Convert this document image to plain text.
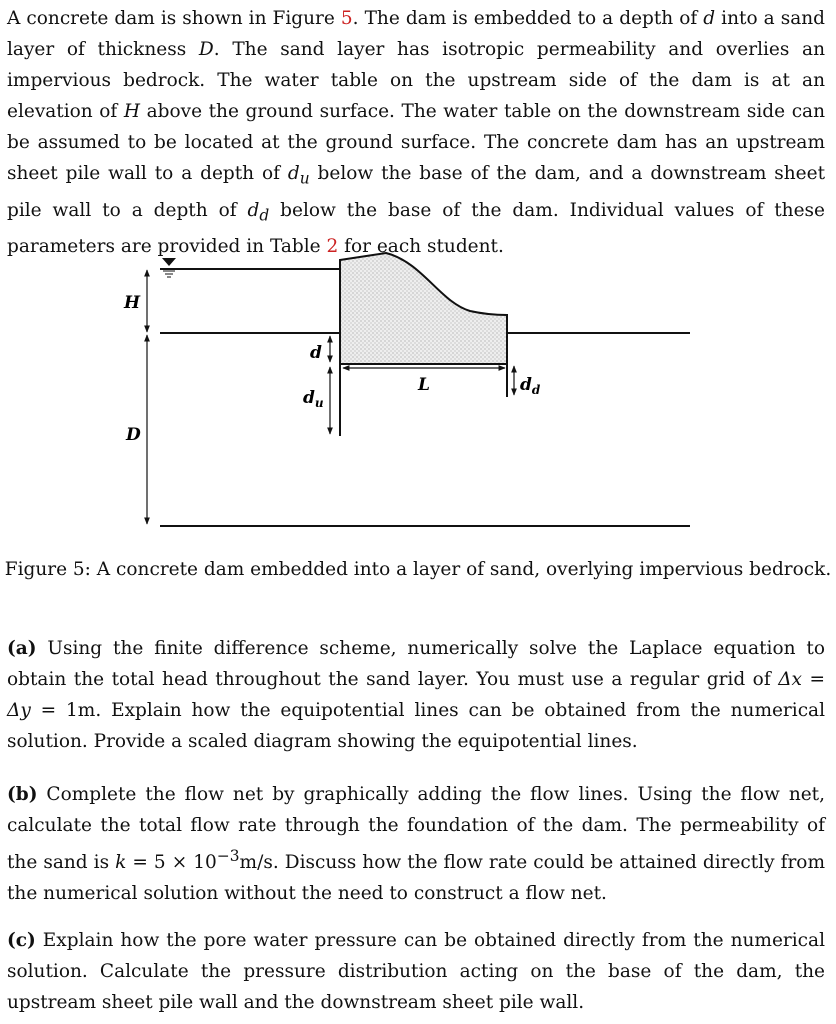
A concrete dam is shown in Figure 5. The dam is embedded to a depth of d into a sand layer of thickness D. The sand layer has isotropic permeability and overlies an impervious bedrock. The water table on the upstream side of the dam is at an elevation of H above the ground surface. The water table on the downstream side can be assumed to be located at the ground surface. The concrete dam has an upstream sheet pile wall to a depth of $d_u$ below the base of the dam, and a downstream sheet pile wall to a depth of $d_d$ below the base of the dam. Individual values of these parameters are provided in Table 2 for each student.
H
D
d
$d_u$
L	$d_d$
Figure 5: A concrete dam embedded into a layer of sand, overlying impervious bedrock.
(a) Using the finite difference scheme, numerically solve the Laplace equation to obtain the total head throughout the sand layer. You must use a regular grid of Δx = Δy = 1m. Explain how the equipotential lines can be obtained from the numerical solution. Provide a scaled diagram showing the equipotential lines.
(b) Complete the flow net by graphically adding the flow lines. Using the flow net, calculate the total flow rate through the foundation of the dam. The permeability of the sand is $k = 5 \times 10^{-3}m/s$. Discuss how the flow rate could be attained directly from the numerical solution without the need to construct a flow net.
(c) Explain how the pore water pressure can be obtained directly from the numerical solution. Calculate the pressure distribution acting on the base of the dam, the upstream sheet pile wall and the downstream sheet pile wall.
